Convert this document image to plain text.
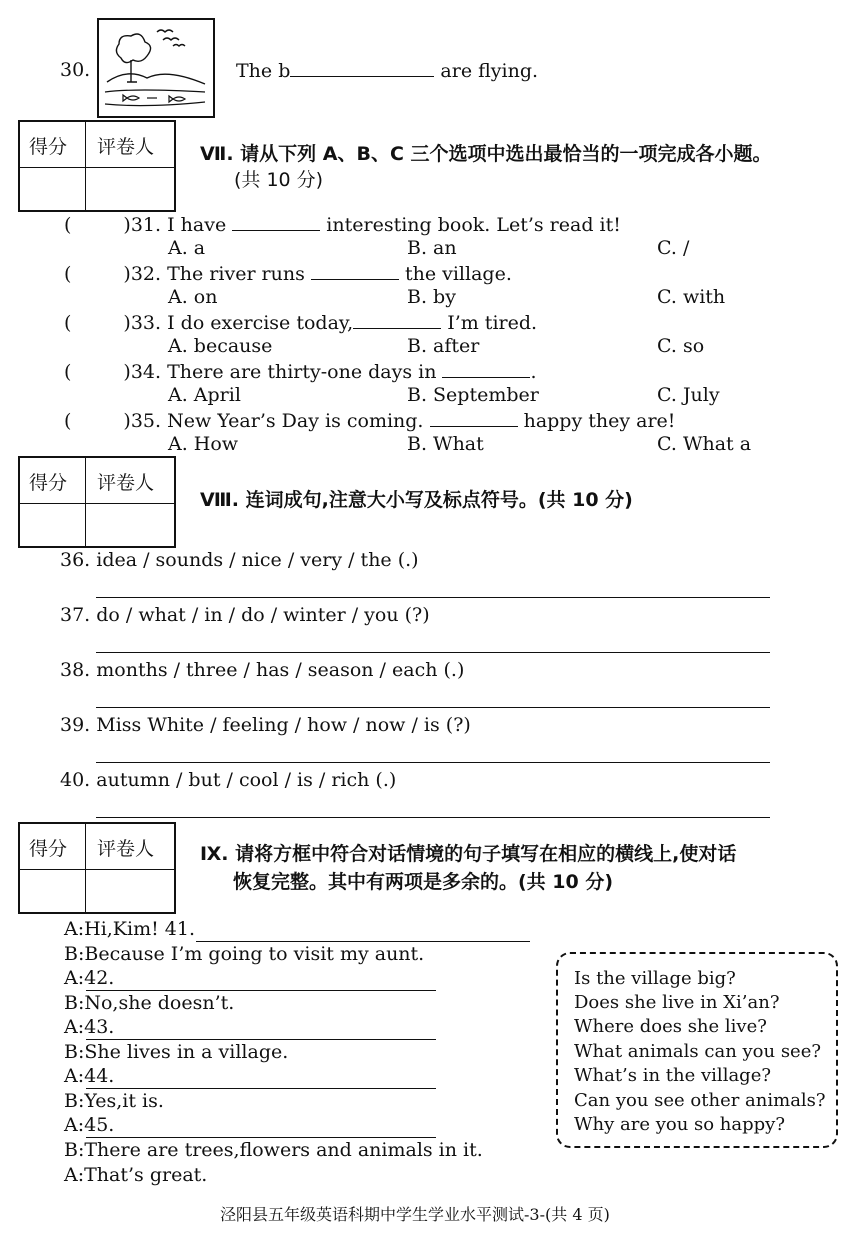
30.	The b	are flying.
得分 评卷人 Ⅶ. 请从下列 A、B、C 三个选项中选出最恰当的一项完成各小题。
(共 10 分)
(	)31. I have	interesting book. Let’s read it!
A. a	B. an	C. /
(	)32. The river runs	the village.
A. on	B. by	C. with
(	)33. I do exercise today,	I’m tired.
A. because	B. after	C. so
(	)34. There are thirty-one days in	.
A. April	B. September	C. July
(	)35. New Year’s Day is coming.	happy they are!
A. How	B. What	C. What a
得分 评卷人
Ⅷ. 连词成句,注意大小写及标点符号。(共 10 分)
36. idea / sounds / nice / very / the (.)
37. do / what / in / do / winter / you (?)
38. months / three / has / season / each (.)
39. Miss White / feeling / how / now / is (?)
40. autumn / but / cool / is / rich (.)
得分 评卷人 Ⅸ. 请将方框中符合对话情境的句子填写在相应的横线上,使对话
恢复完整。其中有两项是多余的。(共 10 分)
A:Hi,Kim! 41.
B:Because I’m going to visit my aunt.
A:42.
B:No,she doesn’t.
A:43.
B:She lives in a village.
A:44.
B:Yes,it is.
A:45.
B:There are trees,flowers and animals in it.
A:That’s great.
Is the village big?
Does she live in Xi’an?
Where does she live?
What animals can you see?
What’s in the village?
Can you see other animals?
Why are you so happy?
泾阳县五年级英语科期中学生学业水平测试-3-(共 4 页)
